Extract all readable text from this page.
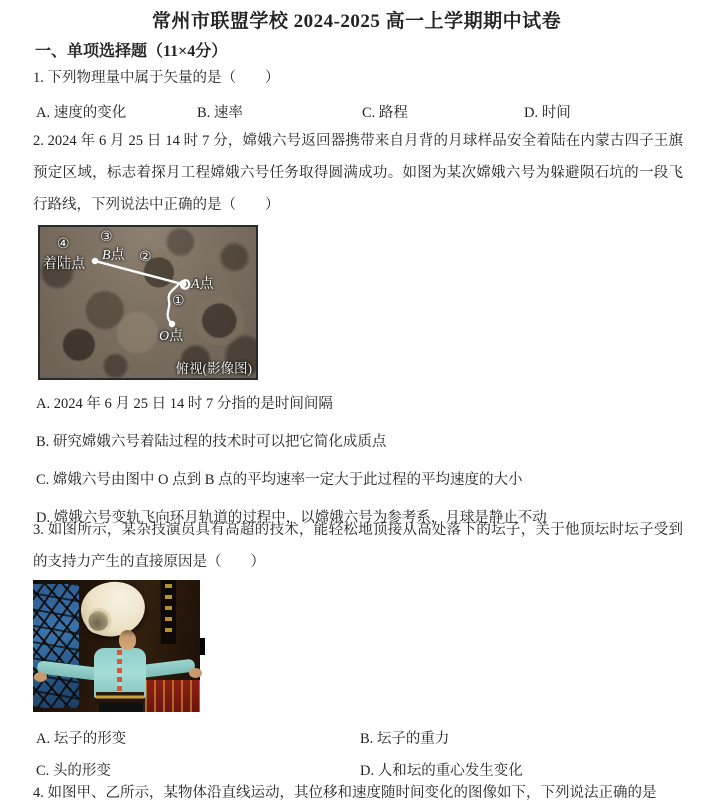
常州市联盟学校 2024-2025 高一上学期期中试卷
一、单项选择题（11×4分）
1. 下列物理量中属于矢量的是（　　）
A. 速度的变化	B. 速率	C. 路程	D. 时间
2. 2024 年 6 月 25 日 14 时 7 分，嫦娥六号返回器携带来自月背的月球样品安全着陆在内蒙古四子王旗预定区域，标志着探月工程嫦娥六号任务取得圆满成功。如图为某次嫦娥六号为躲避陨石坑的一段飞行路线，下列说法中正确的是（　　）
④
着陆点
③
B点 ②
A点
①
O点
俯视(影像图)
A. 2024 年 6 月 25 日 14 时 7 分指的是时间间隔
B. 研究嫦娥六号着陆过程的技术时可以把它简化成质点
C. 嫦娥六号由图中 O 点到 B 点的平均速率一定大于此过程的平均速度的大小
D. 嫦娥六号变轨飞向环月轨道的过程中，以嫦娥六号为参考系，月球是静止不动
3. 如图所示，某杂技演员具有高超的技术，能轻松地顶接从高处落下的坛子，关于他顶坛时坛子受到的支持力产生的直接原因是（　　）
A. 坛子的形变	B. 坛子的重力
C. 头的形变	D. 人和坛的重心发生变化
4. 如图甲、乙所示，某物体沿直线运动，其位移和速度随时间变化的图像如下，下列说法正确的是
